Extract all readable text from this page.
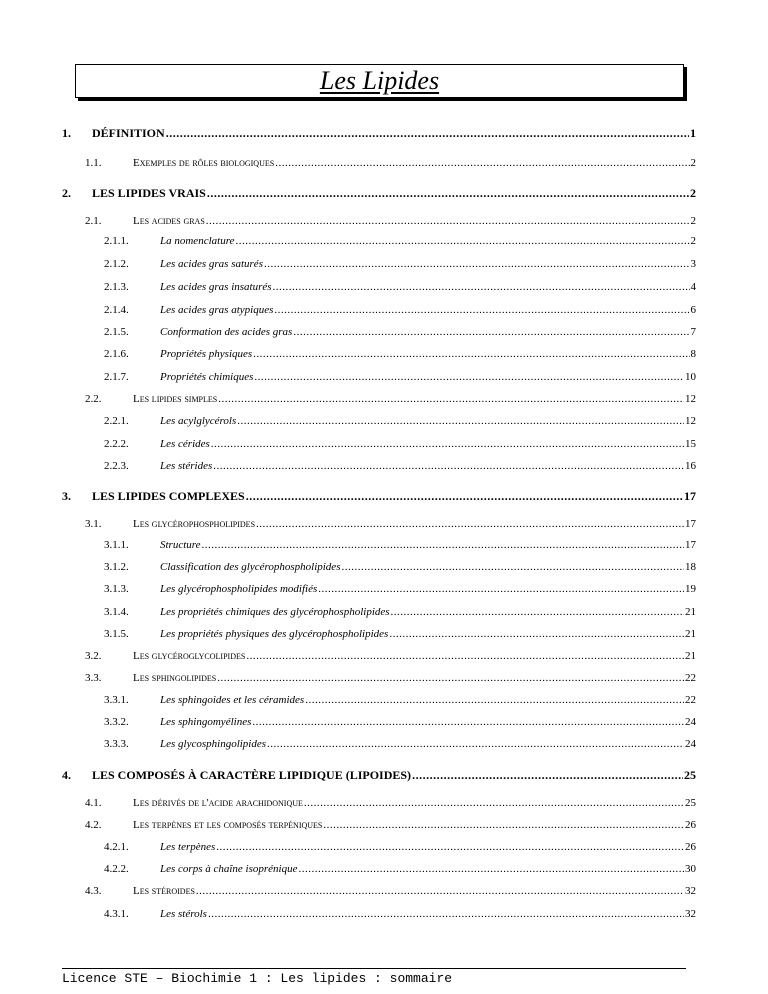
Les Lipides
1.	DÉFINITION .....	1
1.1.	Exemples de rôles biologiques .....	2
2.	LES LIPIDES VRAIS .....	2
2.1.	Les acides gras .....	2
2.1.1.	La nomenclature .....	2
2.1.2.	Les acides gras saturés .....	3
2.1.3.	Les acides gras insaturés .....	4
2.1.4.	Les acides gras atypiques .....	6
2.1.5.	Conformation des acides gras .....	7
2.1.6.	Propriétés physiques .....	8
2.1.7.	Propriétés chimiques .....	10
2.2.	Les lipides simples .....	12
2.2.1.	Les acylglycérols .....	12
2.2.2.	Les cérides .....	15
2.2.3.	Les stérides .....	16
3.	LES LIPIDES COMPLEXES .....	17
3.1.	Les glycérophospholipides .....	17
3.1.1.	Structure .....	17
3.1.2.	Classification des glycérophospholipides .....	18
3.1.3.	Les glycérophospholipides modifiés .....	19
3.1.4.	Les propriétés chimiques des glycérophospholipides .....	21
3.1.5.	Les propriétés physiques des glycérophospholipides .....	21
3.2.	Les glycéroglycolipides .....	21
3.3.	Les sphingolipides .....	22
3.3.1.	Les sphingoides et les céramides .....	22
3.3.2.	Les sphingomyélines .....	24
3.3.3.	Les glycosphingolipides .....	24
4.	LES COMPOSÉS À CARACTÈRE LIPIDIQUE (LIPOIDES) .....	25
4.1.	Les dérivés de l'acide arachidonique .....	25
4.2.	Les terpènes et les composés terpéniques .....	26
4.2.1.	Les terpènes .....	26
4.2.2.	Les corps à chaîne isoprénique .....	30
4.3.	Les stéroides .....	32
4.3.1.	Les stérols .....	32
Licence STE – Biochimie 1 : Les lipides : sommaire
